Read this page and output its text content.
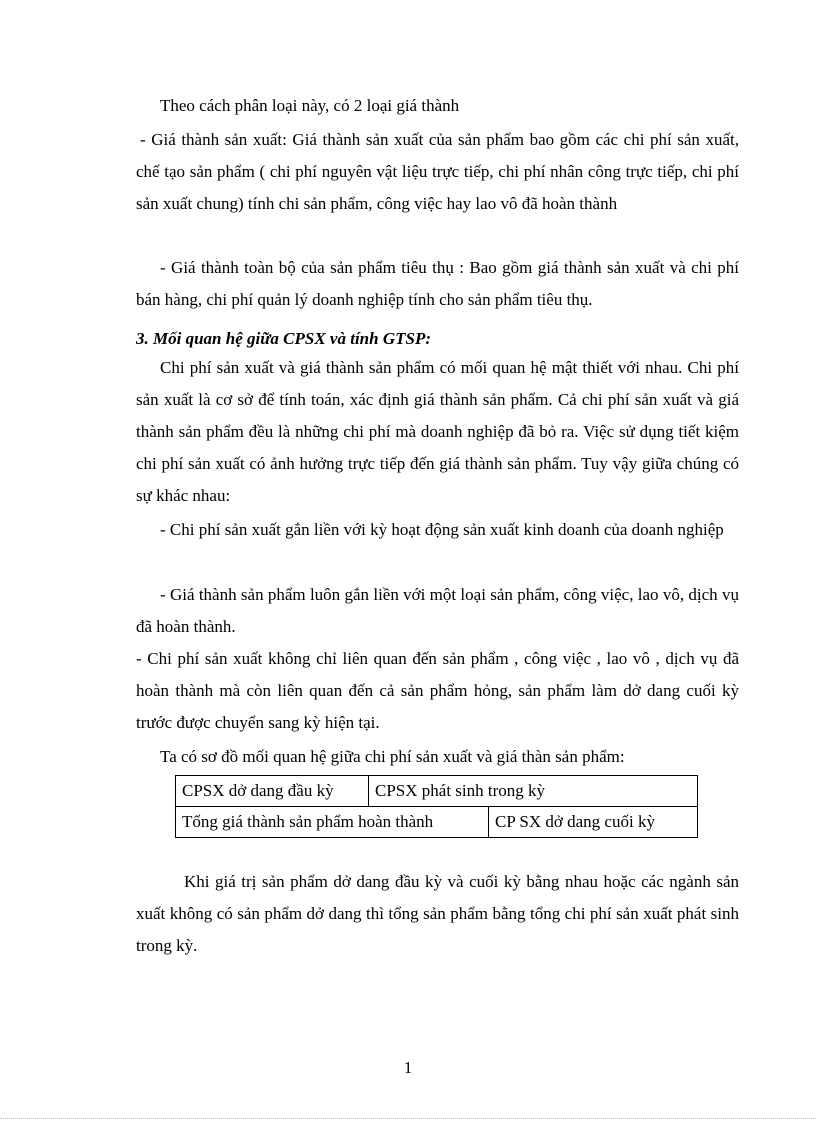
Theo cách phân loại này, có 2 loại giá thành

- Giá thành sản xuất: Giá thành sản xuất của sản phẩm bao gồm các chi phí sản xuất, chế tạo sản phẩm ( chi phí nguyên vật liệu trực tiếp, chi phí nhân công trực tiếp, chi phí sản xuất chung) tính chi sản phẩm, công việc hay lao vô đã hoàn thành

- Giá thành toàn bộ của sản phẩm tiêu thụ : Bao gồm giá thành sản xuất và chi phí bán hàng, chi phí quản lý doanh nghiệp tính cho sản phẩm tiêu thụ.

3. Mối quan hệ giữa CPSX và tính GTSP:

Chi phí sản xuất và giá thành sản phẩm có mối quan hệ mật thiết với nhau. Chi phí sản xuất là cơ sở để tính toán, xác định giá thành sản phẩm. Cả chi phí sản xuất và giá thành sản phẩm đều là những chi phí mà doanh nghiệp đã bỏ ra. Việc sử dụng tiết kiệm chi phí sản xuất có ảnh hưởng trực tiếp đến giá thành sản phẩm. Tuy vậy giữa chúng có sự khác nhau:

- Chi phí sản xuất gắn liền với kỳ hoạt động sản xuất kinh doanh của doanh nghiệp

- Giá thành sản phẩm luôn gắn liền với một loại sản phẩm, công việc, lao vô, dịch vụ đã hoàn thành.

- Chi phí sản xuất không chỉ liên quan đến sản phẩm , công việc , lao vô , dịch vụ đã hoàn thành mà còn liên quan đến cả sản phẩm hỏng, sản phẩm làm dở dang cuối kỳ trước được chuyển sang kỳ hiện tại.

Ta có sơ đồ mối quan hệ giữa chi phí sản xuất và giá thàn sản phẩm:

CPSX dở dang đầu kỳ	CPSX phát sinh trong kỳ	
Tổng giá thành sản phẩm hoàn thành		CP SX dở dang cuối kỳ

Khi giá trị sản phẩm dở dang đầu kỳ và cuối kỳ bằng nhau hoặc các ngành sản xuất không có sản phẩm dở dang thì tổng sản phẩm bằng tổng chi phí sản xuất phát sinh trong kỳ.

1
